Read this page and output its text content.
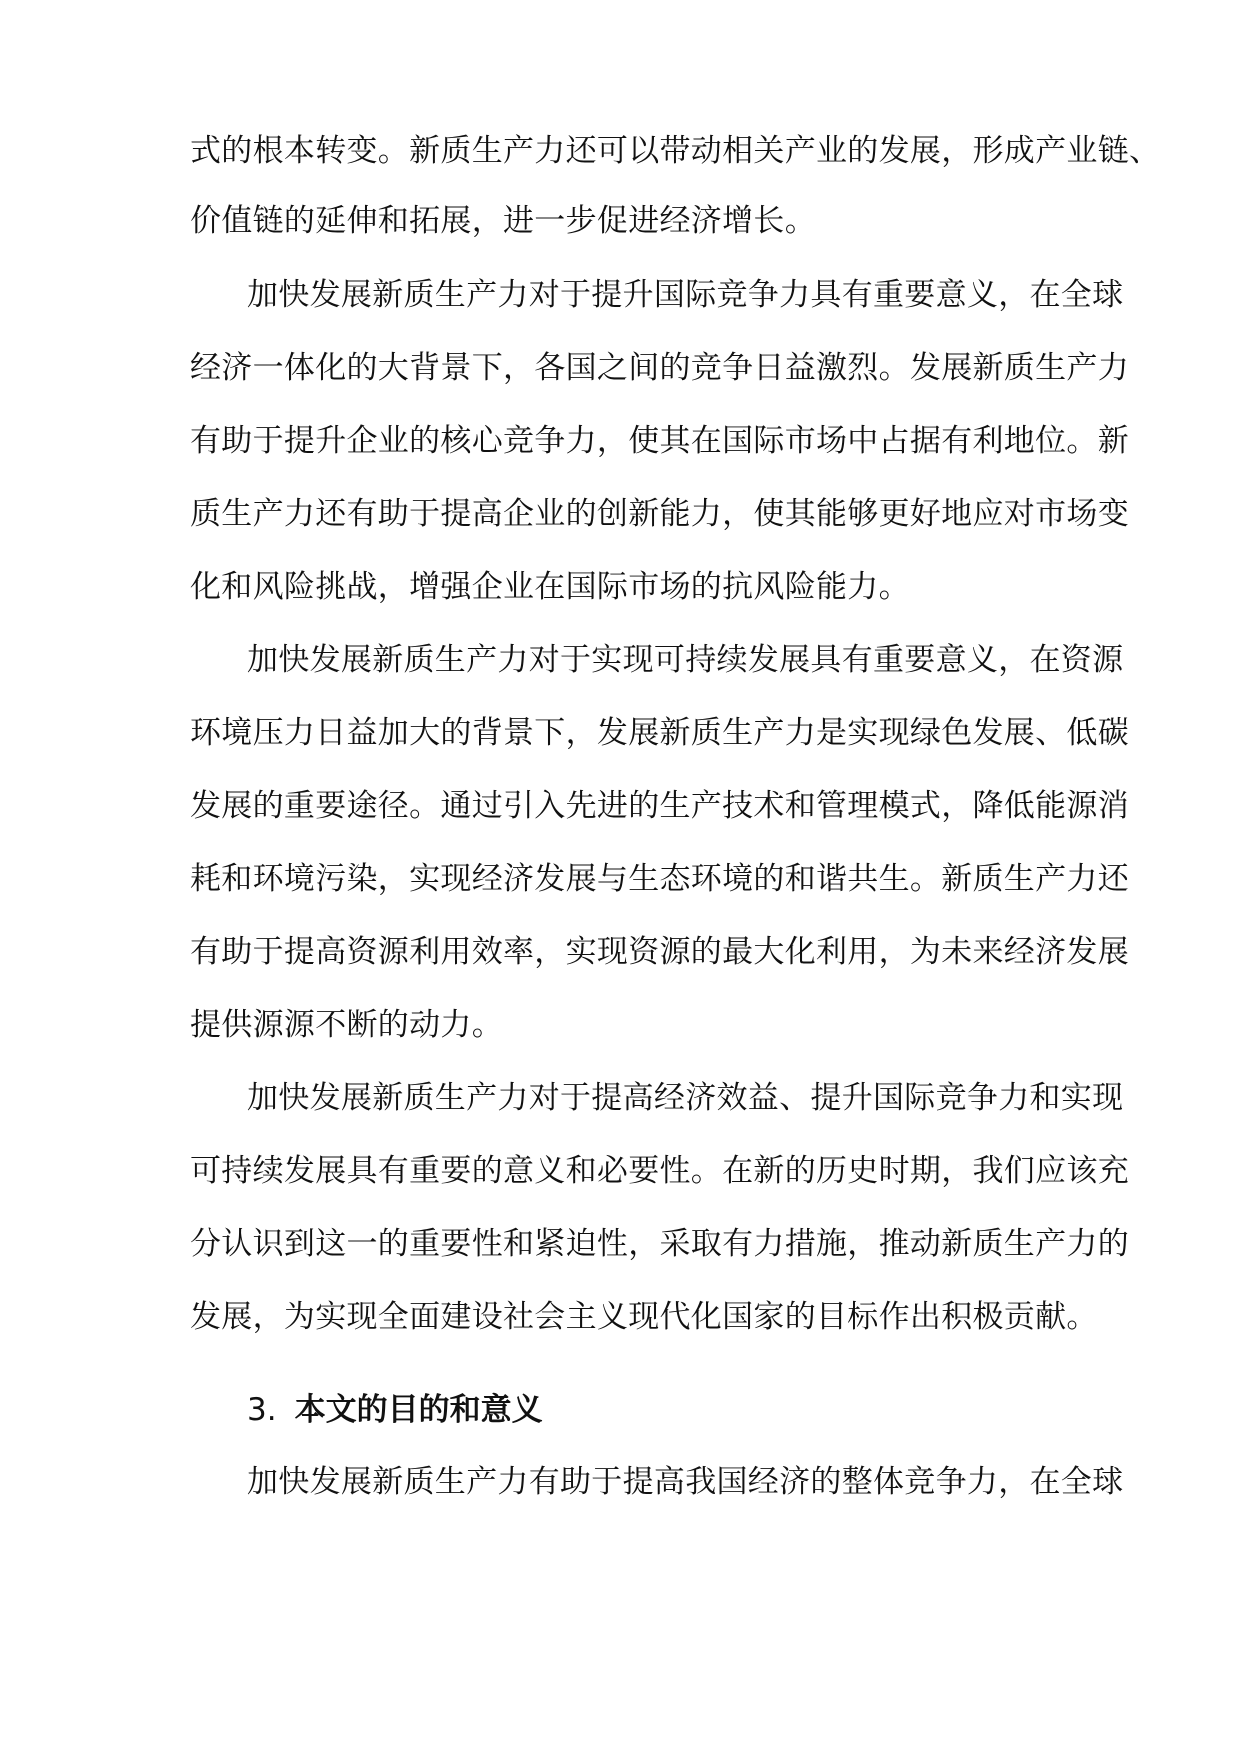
式的根本转变。新质生产力还可以带动相关产业的发展，形成产业链、
价值链的延伸和拓展，进一步促进经济增长。
加快发展新质生产力对于提升国际竞争力具有重要意义，在全球
经济一体化的大背景下，各国之间的竞争日益激烈。发展新质生产力
有助于提升企业的核心竞争力，使其在国际市场中占据有利地位。新
质生产力还有助于提高企业的创新能力，使其能够更好地应对市场变
化和风险挑战，增强企业在国际市场的抗风险能力。
加快发展新质生产力对于实现可持续发展具有重要意义，在资源
环境压力日益加大的背景下，发展新质生产力是实现绿色发展、低碳
发展的重要途径。通过引入先进的生产技术和管理模式，降低能源消
耗和环境污染，实现经济发展与生态环境的和谐共生。新质生产力还
有助于提高资源利用效率，实现资源的最大化利用，为未来经济发展
提供源源不断的动力。
加快发展新质生产力对于提高经济效益、提升国际竞争力和实现
可持续发展具有重要的意义和必要性。在新的历史时期，我们应该充
分认识到这一的重要性和紧迫性，采取有力措施，推动新质生产力的
发展，为实现全面建设社会主义现代化国家的目标作出积极贡献。
3. 本文的目的和意义
加快发展新质生产力有助于提高我国经济的整体竞争力，在全球
